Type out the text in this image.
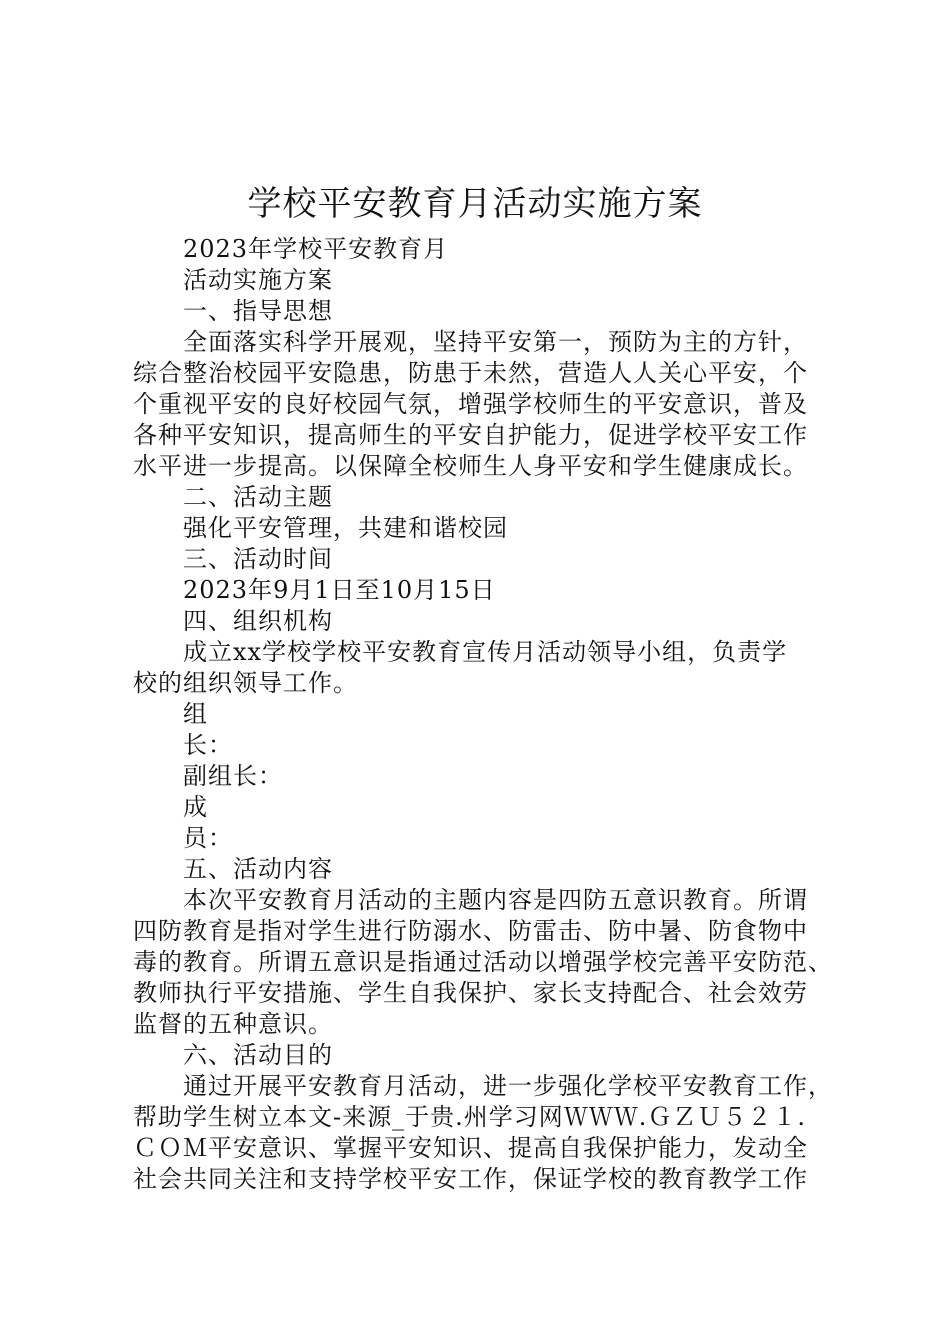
学校平安教育月活动实施方案
2023年学校平安教育月
活动实施方案
一、指导思想
全面落实科学开展观，坚持平安第一，预防为主的方针，
综合整治校园平安隐患，防患于未然，营造人人关心平安，个
个重视平安的良好校园气氛，增强学校师生的平安意识，普及
各种平安知识，提高师生的平安自护能力，促进学校平安工作
水平进一步提高。以保障全校师生人身平安和学生健康成长。
二、活动主题
强化平安管理，共建和谐校园
三、活动时间
2023年9月1日至10月15日
四、组织机构
成立xx学校学校平安教育宣传月活动领导小组，负责学
校的组织领导工作。
组
长：
副组长：
成
员：
五、活动内容
本次平安教育月活动的主题内容是四防五意识教育。所谓
四防教育是指对学生进行防溺水、防雷击、防中暑、防食物中
毒的教育。所谓五意识是指通过活动以增强学校完善平安防范、
教师执行平安措施、学生自我保护、家长支持配合、社会效劳
监督的五种意识。
六、活动目的
通过开展平安教育月活动，进一步强化学校平安教育工作，
帮助学生树立本文-来源_于贵.州学习网ＷＷＷ.ＧＺＵ５２１.
ＣＯＭ平安意识、掌握平安知识、提高自我保护能力，发动全
社会共同关注和支持学校平安工作，保证学校的教育教学工作
